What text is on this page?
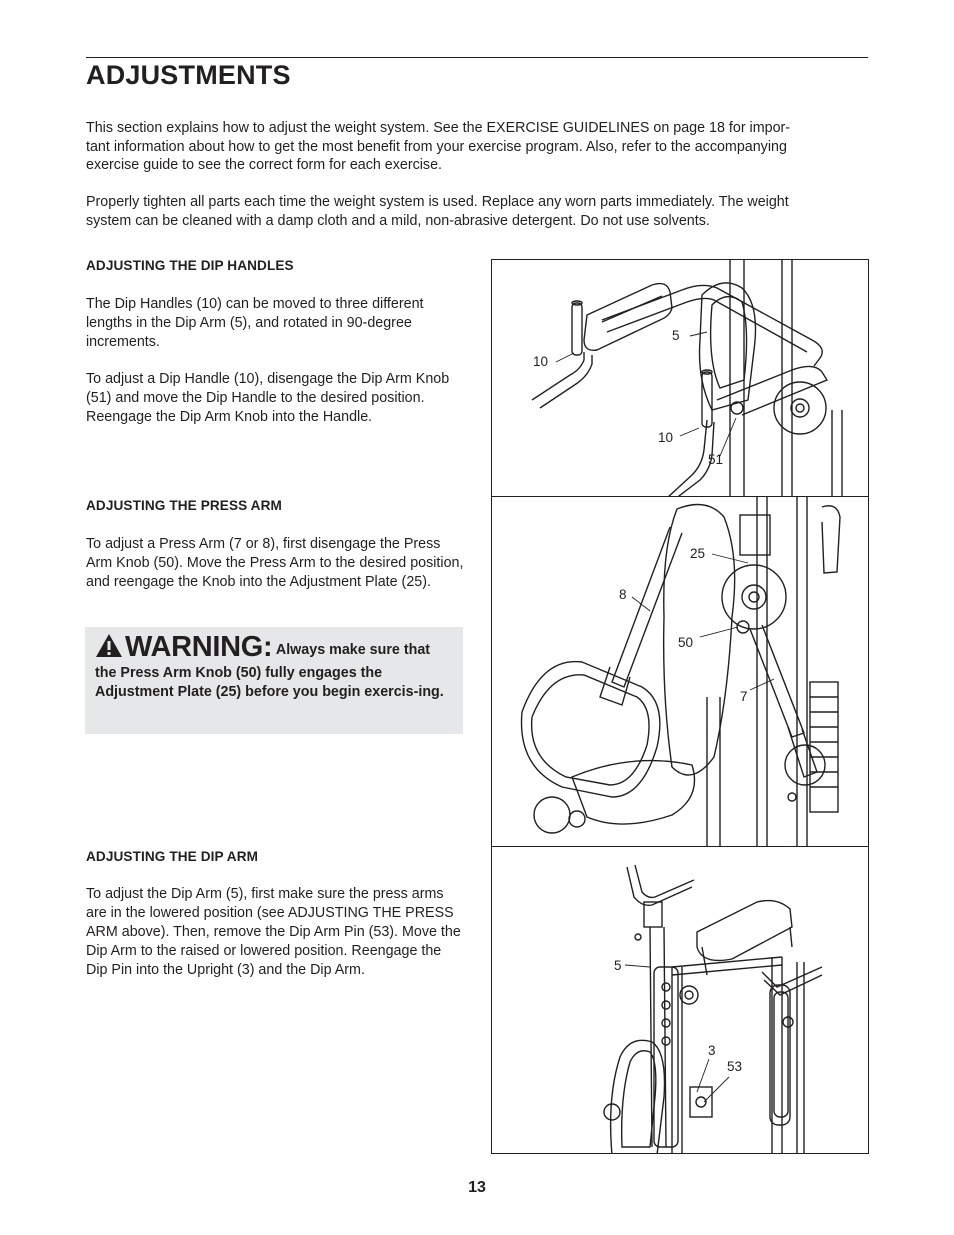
ADJUSTMENTS

This section explains how to adjust the weight system. See the EXERCISE GUIDELINES on page 18 for impor-
tant information about how to get the most benefit from your exercise program. Also, refer to the accompanying
exercise guide to see the correct form for each exercise.

Properly tighten all parts each time the weight system is used. Replace any worn parts immediately. The weight
system can be cleaned with a damp cloth and a mild, non-abrasive detergent. Do not use solvents.

ADJUSTING THE DIP HANDLES

The Dip Handles (10) can be moved to three different lengths in the Dip Arm (5), and rotated in 90-degree increments.

To adjust a Dip Handle (10), disengage the Dip Arm Knob (51) and move the Dip Handle to the desired position. Reengage the Dip Arm Knob into the Handle.

ADJUSTING THE PRESS ARM

To adjust a Press Arm (7 or 8), first disengage the Press Arm Knob (50). Move the Press Arm to the desired position, and reengage the Knob into the Adjustment Plate (25).

WARNING: Always make sure that the Press Arm Knob (50) fully engages the Adjustment Plate (25) before you begin exercis-ing.
ADJUSTING THE DIP ARM

To adjust the Dip Arm (5), first make sure the press arms are in the lowered position (see ADJUSTING THE PRESS ARM above). Then, remove the Dip Arm Pin (53). Move the Dip Arm to the raised or lowered position. Reengage the Dip Pin into the Upright (3) and the Dip Arm.

10
5
10
51
25
8
50
7
5
3
53

13
